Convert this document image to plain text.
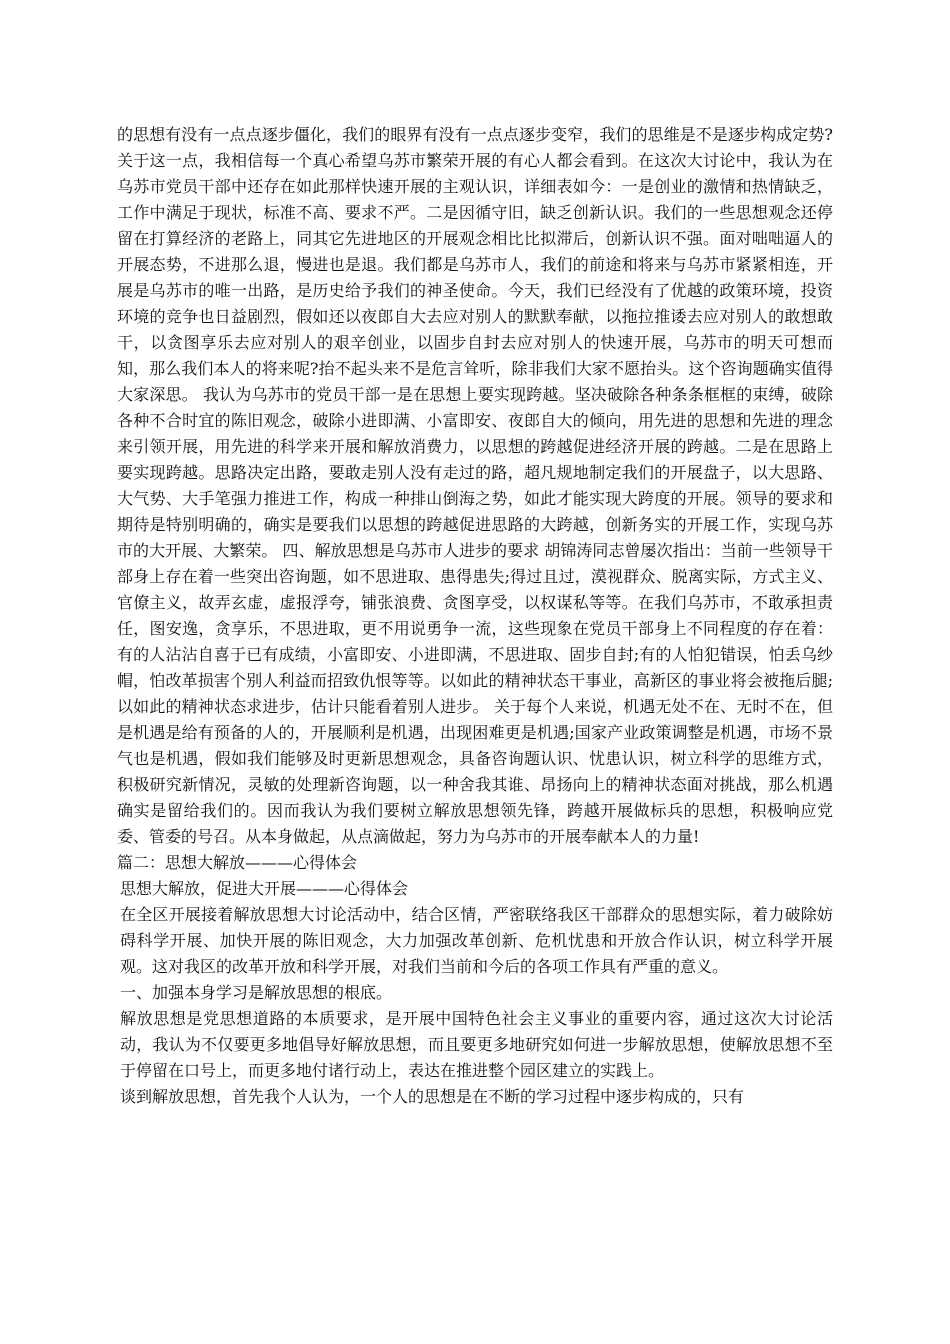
的思想有没有一点点逐步僵化，我们的眼界有没有一点点逐步变窄，我们的思维是不是逐步构成定势?关于这一点，我相信每一个真心希望乌苏市繁荣开展的有心人都会看到。在这次大讨论中，我认为在乌苏市党员干部中还存在如此那样快速开展的主观认识，详细表如今：一是创业的激情和热情缺乏，工作中满足于现状，标准不高、要求不严。二是因循守旧，缺乏创新认识。我们的一些思想观念还停留在打算经济的老路上，同其它先进地区的开展观念相比比拟滞后，创新认识不强。面对咄咄逼人的开展态势，不进那么退，慢进也是退。我们都是乌苏市人，我们的前途和将来与乌苏市紧紧相连，开展是乌苏市的唯一出路，是历史给予我们的神圣使命。今天，我们已经没有了优越的政策环境，投资环境的竞争也日益剧烈，假如还以夜郎自大去应对别人的默默奉献，以拖拉推诿去应对别人的敢想敢干，以贪图享乐去应对别人的艰辛创业，以固步自封去应对别人的快速开展，乌苏市的明天可想而知，那么我们本人的将来呢?抬不起头来不是危言耸听，除非我们大家不愿抬头。这个咨询题确实值得大家深思。 我认为乌苏市的党员干部一是在思想上要实现跨越。坚决破除各种条条框框的束缚，破除各种不合时宜的陈旧观念，破除小进即满、小富即安、夜郎自大的倾向，用先进的思想和先进的理念来引领开展，用先进的科学来开展和解放消费力，以思想的跨越促进经济开展的跨越。二是在思路上要实现跨越。思路决定出路，要敢走别人没有走过的路，超凡规地制定我们的开展盘子，以大思路、大气势、大手笔强力推进工作，构成一种排山倒海之势，如此才能实现大跨度的开展。领导的要求和期待是特别明确的，确实是要我们以思想的跨越促进思路的大跨越，创新务实的开展工作，实现乌苏市的大开展、大繁荣。 四、解放思想是乌苏市人进步的要求 胡锦涛同志曾屡次指出：当前一些领导干部身上存在着一些突出咨询题，如不思进取、患得患失;得过且过，漠视群众、脱离实际，方式主义、官僚主义，故弄玄虚，虚报浮夸，铺张浪费、贪图享受，以权谋私等等。在我们乌苏市，不敢承担责任，图安逸，贪享乐，不思进取，更不用说勇争一流，这些现象在党员干部身上不同程度的存在着：有的人沾沾自喜于已有成绩，小富即安、小进即满，不思进取、固步自封;有的人怕犯错误，怕丢乌纱帽，怕改革损害个别人利益而招致仇恨等等。以如此的精神状态干事业，高新区的事业将会被拖后腿;以如此的精神状态求进步，估计只能看着别人进步。 关于每个人来说，机遇无处不在、无时不在，但是机遇是给有预备的人的，开展顺利是机遇，出现困难更是机遇;国家产业政策调整是机遇，市场不景气也是机遇，假如我们能够及时更新思想观念，具备咨询题认识、忧患认识，树立科学的思维方式，积极研究新情况，灵敏的处理新咨询题，以一种舍我其谁、昂扬向上的精神状态面对挑战，那么机遇确实是留给我们的。因而我认为我们要树立解放思想领先锋，跨越开展做标兵的思想，积极响应党委、管委的号召。从本身做起，从点滴做起，努力为乌苏市的开展奉献本人的力量!

篇二：思想大解放———心得体会

思想大解放，促进大开展———心得体会

在全区开展接着解放思想大讨论活动中，结合区情，严密联络我区干部群众的思想实际，着力破除妨碍科学开展、加快开展的陈旧观念，大力加强改革创新、危机忧患和开放合作认识，树立科学开展观。这对我区的改革开放和科学开展，对我们当前和今后的各项工作具有严重的意义。

一、加强本身学习是解放思想的根底。

解放思想是党思想道路的本质要求，是开展中国特色社会主义事业的重要内容，通过这次大讨论活动，我认为不仅要更多地倡导好解放思想，而且要更多地研究如何进一步解放思想，使解放思想不至于停留在口号上，而更多地付诸行动上，表达在推进整个园区建立的实践上。

谈到解放思想，首先我个人认为，一个人的思想是在不断的学习过程中逐步构成的，只有
